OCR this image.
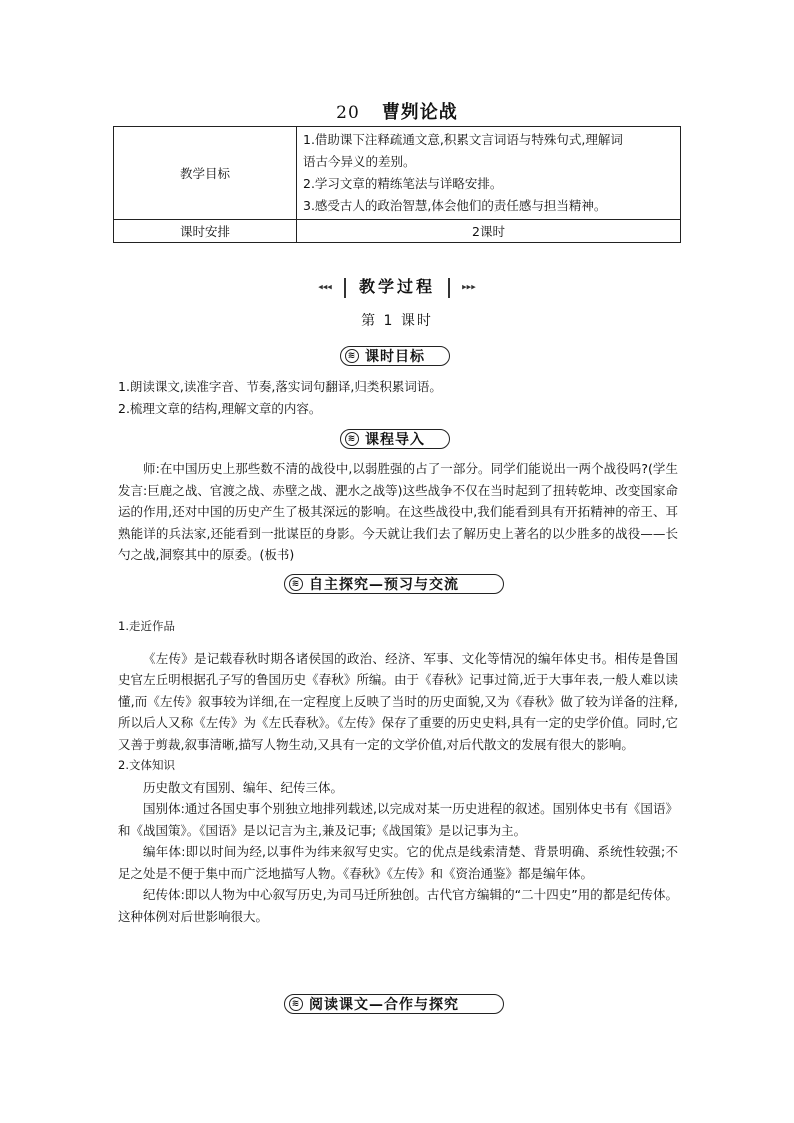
20 曹刿论战
教学目标	1.借助课下注释疏通文意,积累文言词语与特殊句式,理解词
语古今异义的差别。
2.学习文章的精练笔法与详略安排。
3.感受古人的政治智慧,体会他们的责任感与担当精神。

课时安排	2课时
◂◂◂ 教学过程	▸▸▸
第 1 课时
≋
课时目标

1.朗读课文,读准字音、节奏,落实词句翻译,归类积累词语。

2.梳理文章的结构,理解文章的内容。

≋
课程导入

师:在中国历史上那些数不清的战役中,以弱胜强的占了一部分。同学们能说出一两个战役吗?(学生发言:巨鹿之战、官渡之战、赤壁之战、淝水之战等)这些战争不仅在当时起到了扭转乾坤、改变国家命运的作用,还对中国的历史产生了极其深远的影响。在这些战役中,我们能看到具有开拓精神的帝王、耳熟能详的兵法家,还能看到一批谋臣的身影。今天就让我们去了解历史上著名的以少胜多的战役——长勺之战,洞察其中的原委。(板书)

≋
自主探究—预习与交流

1.走近作品

《左传》是记载春秋时期各诸侯国的政治、经济、军事、文化等情况的编年体史书。相传是鲁国史官左丘明根据孔子写的鲁国历史《春秋》所编。由于《春秋》记事过简,近于大事年表,一般人难以读懂,而《左传》叙事较为详细,在一定程度上反映了当时的历史面貌,又为《春秋》做了较为详备的注释,所以后人又称《左传》为《左氏春秋》。《左传》保存了重要的历史史料,具有一定的史学价值。同时,它又善于剪裁,叙事清晰,描写人物生动,又具有一定的文学价值,对后代散文的发展有很大的影响。

2.文体知识

历史散文有国别、编年、纪传三体。

国别体:通过各国史事个别独立地排列载述,以完成对某一历史进程的叙述。国别体史书有《国语》和《战国策》。《国语》是以记言为主,兼及记事;《战国策》是以记事为主。

编年体:即以时间为经,以事件为纬来叙写史实。它的优点是线索清楚、背景明确、系统性较强;不足之处是不便于集中而广泛地描写人物。《春秋》《左传》和《资治通鉴》都是编年体。

纪传体:即以人物为中心叙写历史,为司马迁所独创。古代官方编辑的“二十四史”用的都是纪传体。这种体例对后世影响很大。

≋
阅读课文—合作与探究
